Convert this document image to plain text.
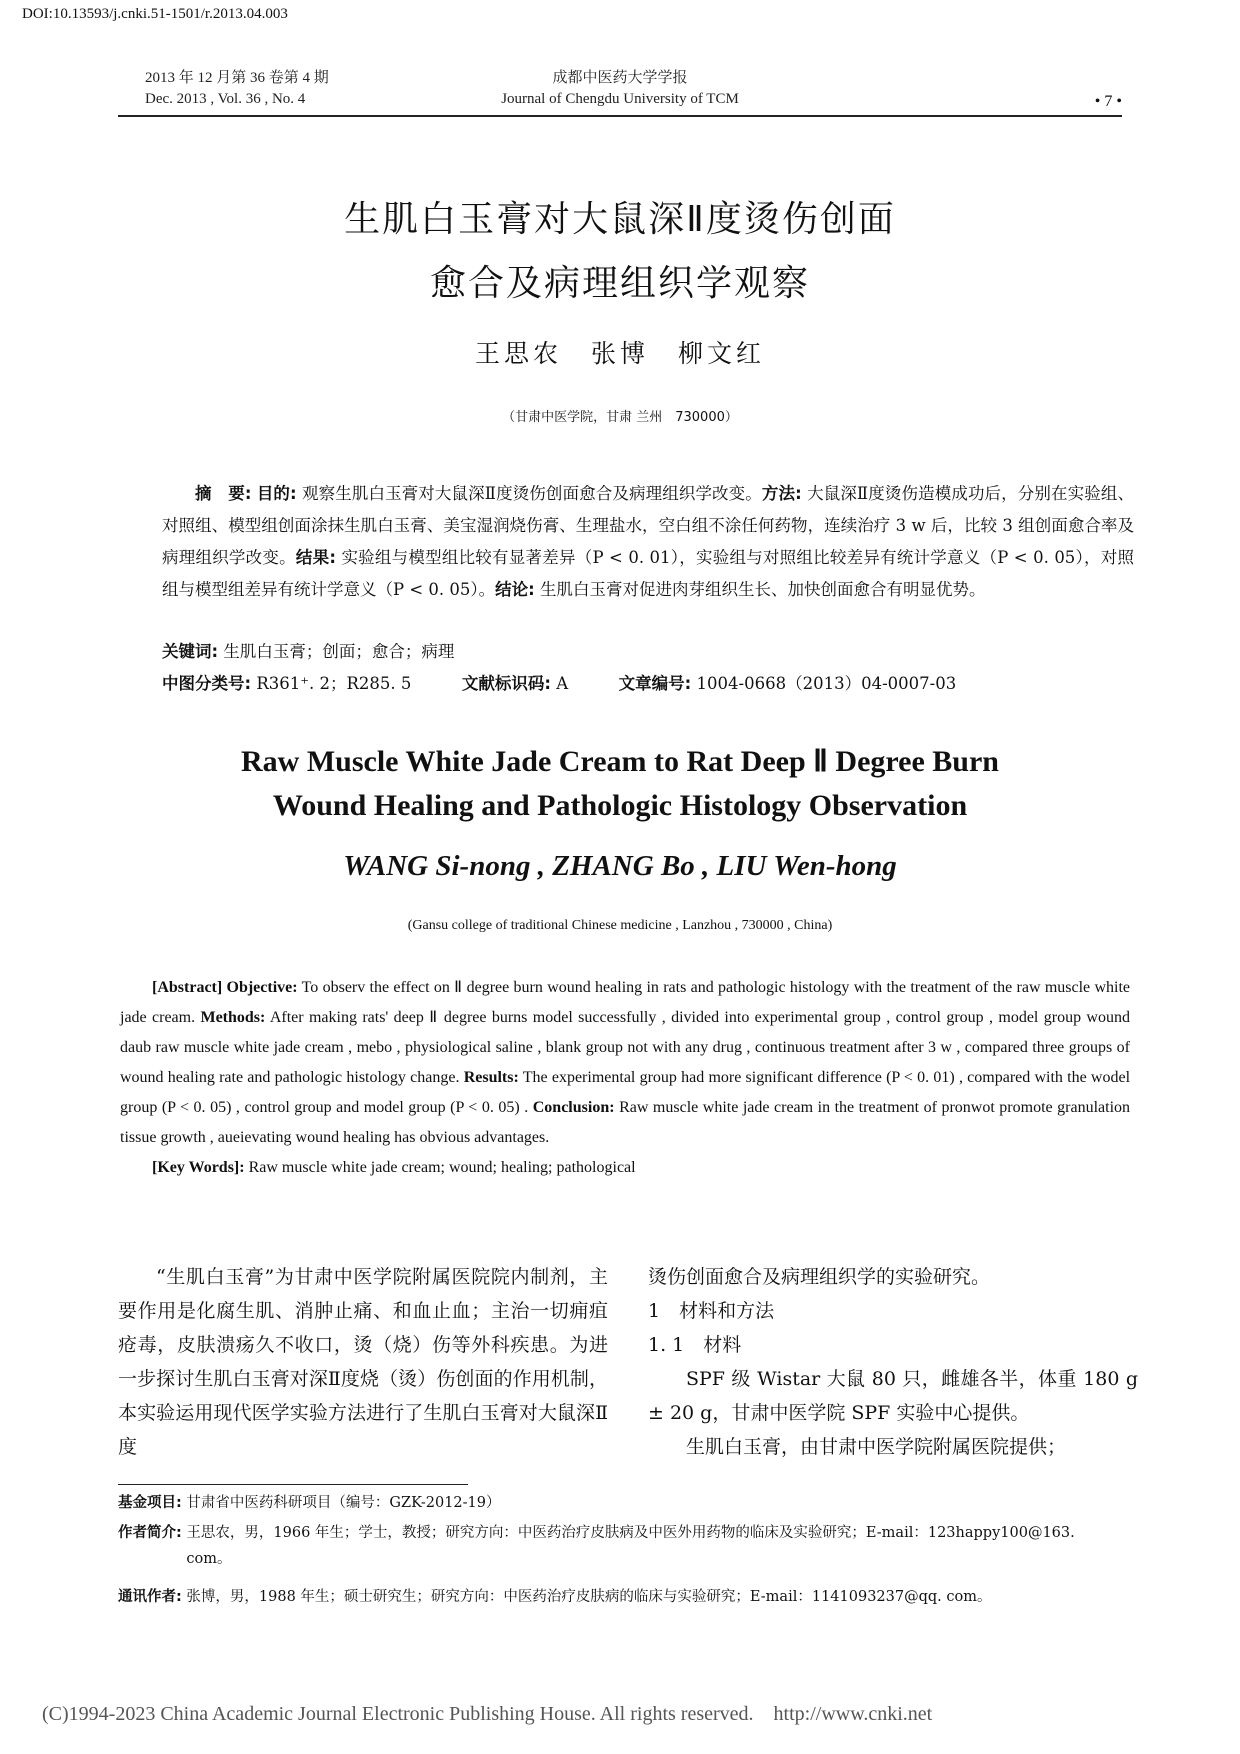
DOI:10.13593/j.cnki.51-1501/r.2013.04.003
2013 年 12 月第 36 卷第 4 期
Dec. 2013 , Vol. 36 , No. 4
成都中医药大学学报
Journal of Chengdu University of TCM	• 7 •
生肌白玉膏对大鼠深Ⅱ度烫伤创面
愈合及病理组织学观察
王思农　张博　柳文红
（甘肃中医学院，甘肃 兰州　730000）

摘　要: 目的: 观察生肌白玉膏对大鼠深Ⅱ度烫伤创面愈合及病理组织学改变。方法: 大鼠深Ⅱ度烫伤造模成功后，分别在实验组、对照组、模型组创面涂抹生肌白玉膏、美宝湿润烧伤膏、生理盐水，空白组不涂任何药物，连续治疗 3 w 后，比较 3 组创面愈合率及病理组织学改变。结果: 实验组与模型组比较有显著差异（P < 0. 01），实验组与对照组比较差异有统计学意义（P < 0. 05），对照组与模型组差异有统计学意义（P < 0. 05）。结论: 生肌白玉膏对促进肉芽组织生长、加快创面愈合有明显优势。

关键词: 生肌白玉膏；创面；愈合；病理
中图分类号: R361⁺. 2；R285. 5	文献标识码: A	文章编号: 1004-0668（2013）04-0007-03
Raw Muscle White Jade Cream to Rat Deep Ⅱ Degree Burn
Wound Healing and Pathologic Histology Observation
WANG Si-nong , ZHANG Bo , LIU Wen-hong
(Gansu college of traditional Chinese medicine , Lanzhou , 730000 , China)

[Abstract] Objective: To observ the effect on Ⅱ degree burn wound healing in rats and pathologic histology with the treatment of the raw muscle white jade cream. Methods: After making rats' deep Ⅱ degree burns model successfully , divided into experimental group , control group , model group wound daub raw muscle white jade cream , mebo , physiological saline , blank group not with any drug , continuous treatment after 3 w , compared three groups of wound healing rate and pathologic histology change. Results: The experimental group had more significant difference (P < 0. 01) , compared with the wodel group (P < 0. 05) , control group and model group (P < 0. 05) . Conclusion: Raw muscle white jade cream in the treatment of pronwot promote granulation tissue growth , aueievating wound healing has obvious advantages.

[Key Words]: Raw muscle white jade cream; wound; healing; pathological

“生肌白玉膏”为甘肃中医学院附属医院院内制剂，主要作用是化腐生肌、消肿止痛、和血止血；主治一切痈疽疮毒，皮肤溃疡久不收口，烫（烧）伤等外科疾患。为进一步探讨生肌白玉膏对深Ⅱ度烧（烫）伤创面的作用机制，本实验运用现代医学实验方法进行了生肌白玉膏对大鼠深Ⅱ度

烫伤创面愈合及病理组织学的实验研究。

1　材料和方法

1. 1　材料

SPF 级 Wistar 大鼠 80 只，雌雄各半，体重 180 g ± 20 g，甘肃中医学院 SPF 实验中心提供。

生肌白玉膏，由甘肃中医学院附属医院提供；

基金项目: 甘肃省中医药科研项目（编号：GZK-2012-19）
作者简介: 王思农，男，1966 年生；学士，教授；研究方向：中医药治疗皮肤病及中医外用药物的临床及实验研究；E-mail：123happy100@163. com。
通讯作者: 张博，男，1988 年生；硕士研究生；研究方向：中医药治疗皮肤病的临床与实验研究；E-mail：1141093237@qq. com。
(C)1994-2023 China Academic Journal Electronic Publishing House. All rights reserved.　http://www.cnki.net
